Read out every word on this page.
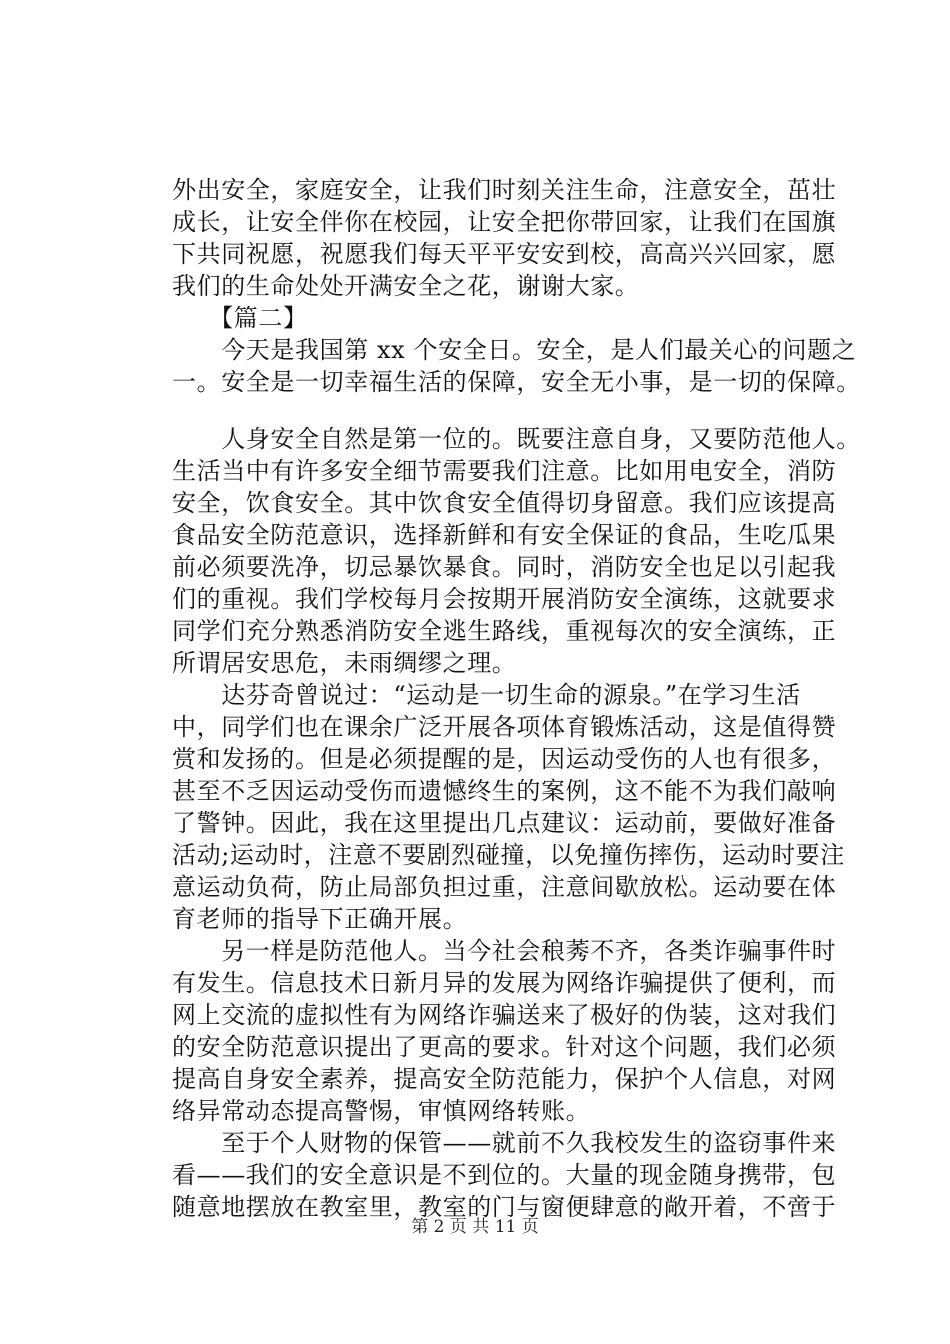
外出安全，家庭安全，让我们时刻关注生命，注意安全，茁壮
成长，让安全伴你在校园，让安全把你带回家，让我们在国旗
下共同祝愿，祝愿我们每天平平安安到校，高高兴兴回家，愿
我们的生命处处开满安全之花，谢谢大家。
　　【篇二】
　　今天是我国第 xx 个安全日。安全，是人们最关心的问题之
一。安全是一切幸福生活的保障，安全无小事，是一切的保障。
　　人身安全自然是第一位的。既要注意自身，又要防范他人。
生活当中有许多安全细节需要我们注意。比如用电安全，消防
安全，饮食安全。其中饮食安全值得切身留意。我们应该提高
食品安全防范意识，选择新鲜和有安全保证的食品，生吃瓜果
前必须要洗净，切忌暴饮暴食。同时，消防安全也足以引起我
们的重视。我们学校每月会按期开展消防安全演练，这就要求
同学们充分熟悉消防安全逃生路线，重视每次的安全演练，正
所谓居安思危，未雨绸缪之理。
　　达芬奇曾说过：“运动是一切生命的源泉。”在学习生活
中，同学们也在课余广泛开展各项体育锻炼活动，这是值得赞
赏和发扬的。但是必须提醒的是，因运动受伤的人也有很多，
甚至不乏因运动受伤而遗憾终生的案例，这不能不为我们敲响
了警钟。因此，我在这里提出几点建议：运动前，要做好准备
活动;运动时，注意不要剧烈碰撞，以免撞伤摔伤，运动时要注
意运动负荷，防止局部负担过重，注意间歇放松。运动要在体
育老师的指导下正确开展。
　　另一样是防范他人。当今社会稂莠不齐，各类诈骗事件时
有发生。信息技术日新月异的发展为网络诈骗提供了便利，而
网上交流的虚拟性有为网络诈骗送来了极好的伪装，这对我们
的安全防范意识提出了更高的要求。针对这个问题，我们必须
提高自身安全素养，提高安全防范能力，保护个人信息，对网
络异常动态提高警惕，审慎网络转账。
　　至于个人财物的保管——就前不久我校发生的盗窃事件来
看——我们的安全意识是不到位的。大量的现金随身携带，包
随意地摆放在教室里，教室的门与窗便肆意的敞开着，不啻于
第 2 页 共 11 页
